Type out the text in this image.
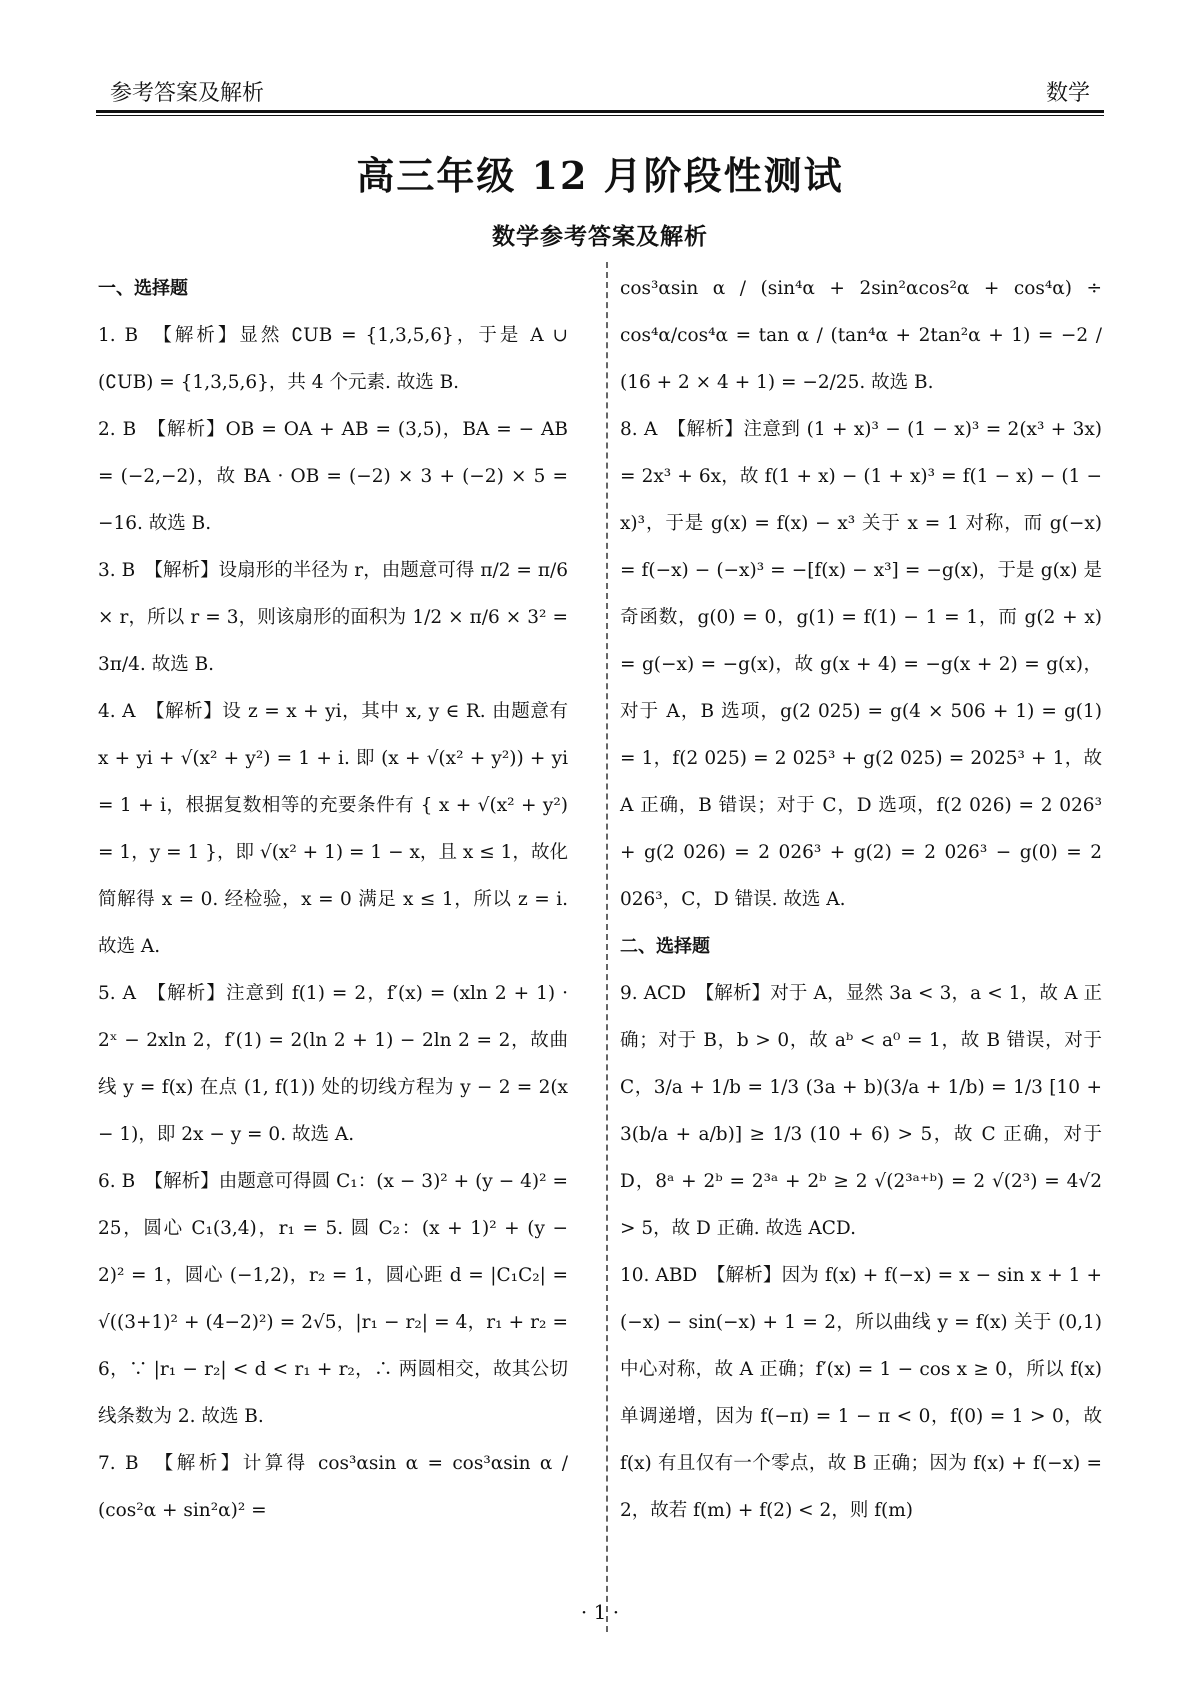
参考答案及解析	数学
高三年级 12 月阶段性测试
数学参考答案及解析
一、选择题
1. B　【解析】显然 ∁UB = {1,3,5,6}，于是 A ∪ (∁UB) = {1,3,5,6}，共 4 个元素. 故选 B.
2. B　【解析】OB = OA + AB = (3,5)，BA = − AB = (−2,−2)，故 BA · OB = (−2) × 3 + (−2) × 5 = −16. 故选 B.
3. B　【解析】设扇形的半径为 r，由题意可得 π/2 = π/6 × r，所以 r = 3，则该扇形的面积为 1/2 × π/6 × 3² = 3π/4. 故选 B.
4. A　【解析】设 z = x + yi，其中 x, y ∈ R. 由题意有 x + yi + √(x² + y²) = 1 + i. 即 (x + √(x² + y²)) + yi = 1 + i，根据复数相等的充要条件有 { x + √(x² + y²) = 1，y = 1 }，即 √(x² + 1) = 1 − x，且 x ≤ 1，故化简解得 x = 0. 经检验，x = 0 满足 x ≤ 1，所以 z = i. 故选 A.
5. A　【解析】注意到 f(1) = 2，f′(x) = (xln 2 + 1) · 2ˣ − 2xln 2，f′(1) = 2(ln 2 + 1) − 2ln 2 = 2，故曲线 y = f(x) 在点 (1, f(1)) 处的切线方程为 y − 2 = 2(x − 1)，即 2x − y = 0. 故选 A.
6. B　【解析】由题意可得圆 C₁：(x − 3)² + (y − 4)² = 25，圆心 C₁(3,4)，r₁ = 5. 圆 C₂：(x + 1)² + (y − 2)² = 1，圆心 (−1,2)，r₂ = 1，圆心距 d = |C₁C₂| = √((3+1)² + (4−2)²) = 2√5，|r₁ − r₂| = 4，r₁ + r₂ = 6，∵ |r₁ − r₂| < d < r₁ + r₂，∴ 两圆相交，故其公切线条数为 2. 故选 B.
7. B　【解析】计算得 cos³αsin α = cos³αsin α / (cos²α + sin²α)² =
cos³αsin α / (sin⁴α + 2sin²αcos²α + cos⁴α) ÷ cos⁴α/cos⁴α = tan α / (tan⁴α + 2tan²α + 1) = −2 / (16 + 2 × 4 + 1) = −2/25. 故选 B.
8. A　【解析】注意到 (1 + x)³ − (1 − x)³ = 2(x³ + 3x) = 2x³ + 6x，故 f(1 + x) − (1 + x)³ = f(1 − x) − (1 − x)³，于是 g(x) = f(x) − x³ 关于 x = 1 对称，而 g(−x) = f(−x) − (−x)³ = −[f(x) − x³] = −g(x)，于是 g(x) 是奇函数，g(0) = 0，g(1) = f(1) − 1 = 1，而 g(2 + x) = g(−x) = −g(x)，故 g(x + 4) = −g(x + 2) = g(x)，对于 A，B 选项，g(2 025) = g(4 × 506 + 1) = g(1) = 1，f(2 025) = 2 025³ + g(2 025) = 2025³ + 1，故 A 正确，B 错误；对于 C，D 选项，f(2 026) = 2 026³ + g(2 026) = 2 026³ + g(2) = 2 026³ − g(0) = 2 026³，C，D 错误. 故选 A.
二、选择题
9. ACD　【解析】对于 A，显然 3a < 3，a < 1，故 A 正确；对于 B，b > 0，故 aᵇ < a⁰ = 1，故 B 错误，对于 C，3/a + 1/b = 1/3 (3a + b)(3/a + 1/b) = 1/3 [10 + 3(b/a + a/b)] ≥ 1/3 (10 + 6) > 5，故 C 正确，对于 D，8ᵃ + 2ᵇ = 2³ᵃ + 2ᵇ ≥ 2 √(2³ᵃ⁺ᵇ) = 2 √(2³) = 4√2 > 5，故 D 正确. 故选 ACD.
10. ABD　【解析】因为 f(x) + f(−x) = x − sin x + 1 + (−x) − sin(−x) + 1 = 2，所以曲线 y = f(x) 关于 (0,1) 中心对称，故 A 正确；f′(x) = 1 − cos x ≥ 0，所以 f(x) 单调递增，因为 f(−π) = 1 − π < 0，f(0) = 1 > 0，故 f(x) 有且仅有一个零点，故 B 正确；因为 f(x) + f(−x) = 2，故若 f(m) + f(2) < 2，则 f(m)
· 1 ·
